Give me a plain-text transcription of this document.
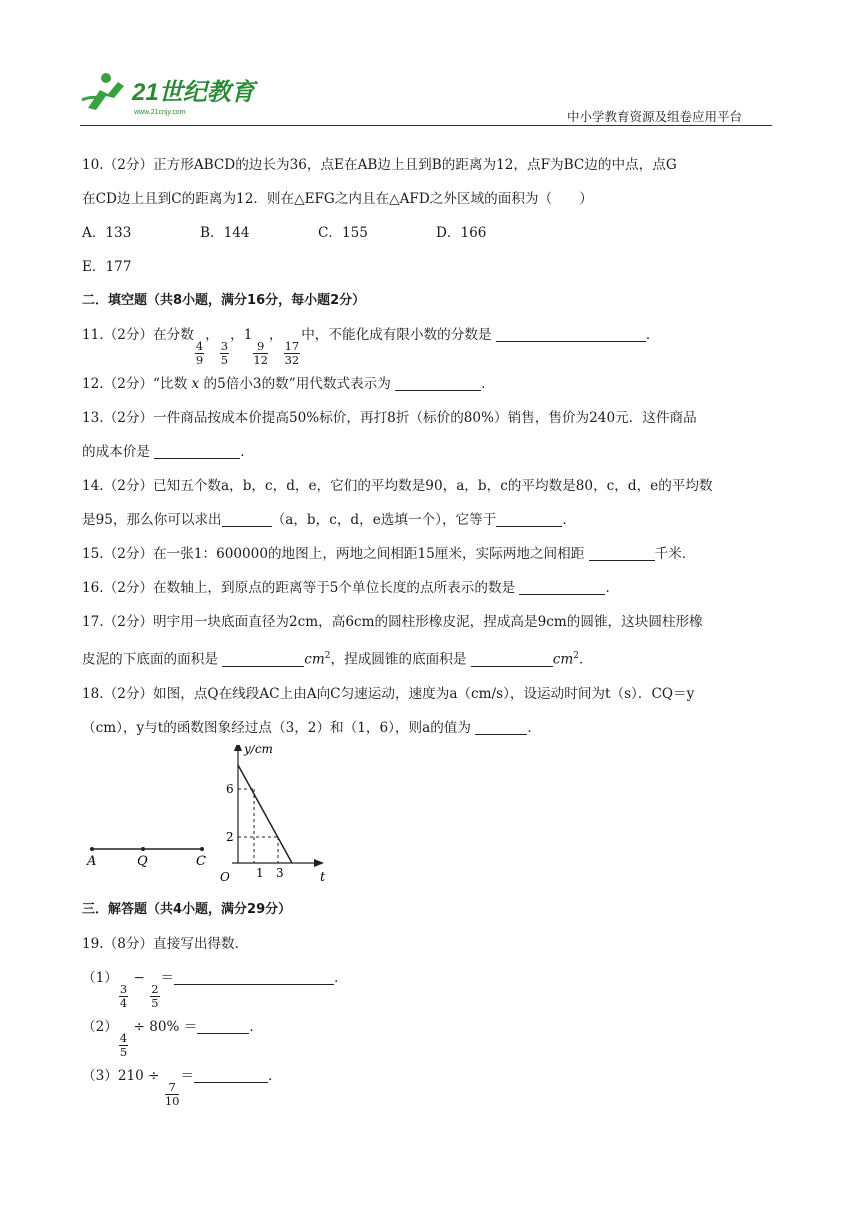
21世纪教育
www.21cnjy.com	中小学教育资源及组卷应用平台

10.（2分）正方形ABCD的边长为36，点E在AB边上且到B的距离为12，点F为BC边的中点，点G

在CD边上且到C的距离为12．则在△EFG之内且在△AFD之外区域的面积为（　　）

A．133	B．144	C．155	D．166

E．177

二．填空题（共8小题，满分16分，每小题2分）

11.（2分）在分数
$\frac{4}{9}$
，
$\frac{3}{5}$
，1
$\frac{9}{12}$
，
$\frac{17}{32}$
中，不能化成有限小数的分数是	．

12.（2分）“比数 x 的5倍小3的数”用代数式表示为	．

13.（2分）一件商品按成本价提高50%标价，再打8折（标价的80%）销售，售价为240元．这件商品

的成本价是	．

14.（2分）已知五个数a，b，c，d，e，它们的平均数是90，a，b，c的平均数是80，c，d，e的平均数

是95，那么你可以求出	（a，b，c，d，e选填一个），它等于	．

15.（2分）在一张1：600000的地图上，两地之间相距15厘米，实际两地之间相距	千米．

16.（2分）在数轴上，到原点的距离等于5个单位长度的点所表示的数是	．

17.（2分）明宇用一块底面直径为2cm，高6cm的圆柱形橡皮泥，捏成高是9cm的圆锥，这块圆柱形橡

皮泥的下底面的面积是	$cm^2$，捏成圆锥的底面积是	$cm^2$．

18.（2分）如图，点Q在线段AC上由A向C匀速运动，速度为a（cm/s），设运动时间为t（s）．CQ＝y

（cm），y与t的函数图象经过点（3，2）和（1，6），则a的值为	．

A	Q	C
y/cm
t
O
6
2
1 3

三．解答题（共4小题，满分29分）

19.（8分）直接写出得数．

（1）
$\frac{3}{4}$
−
$\frac{2}{5}$
＝	．

（2）
$\frac{4}{5}$
÷ 80% ＝	．

（3）210 ÷
$\frac{7}{10}$
＝	．
